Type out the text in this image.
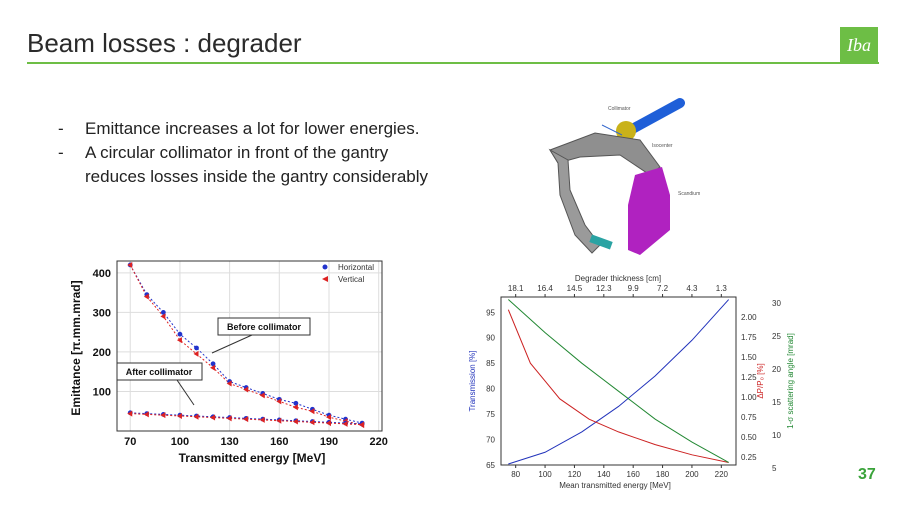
Beam losses : degrader	Iba
-	Emittance increases a lot for lower energies.
-	A circular collimator in front of the gantry
reduces losses inside the gantry considerably
Collimator
Isocenter
Scandium
70	100	130	160	190	220
100
200
300
400
Emittance [π.mm.mrad]
Transmitted energy [MeV]
Horizontal
Vertical
Before collimator
After collimator
80 100 120 140 160 180 200 220
18.1 16.4 14.5 12.3 9.9 7.2 4.3 1.3
65
70
75
80
85
90
95
0.25
0.50
0.75
1.00
1.25
1.50
1.75
2.00
5
10
15
20
25
30
Degrader thickness [cm]
Mean transmitted energy [MeV]
Transmission [%]	ΔP/P₀ [%]	1-σ scattering angle [mrad]
37
